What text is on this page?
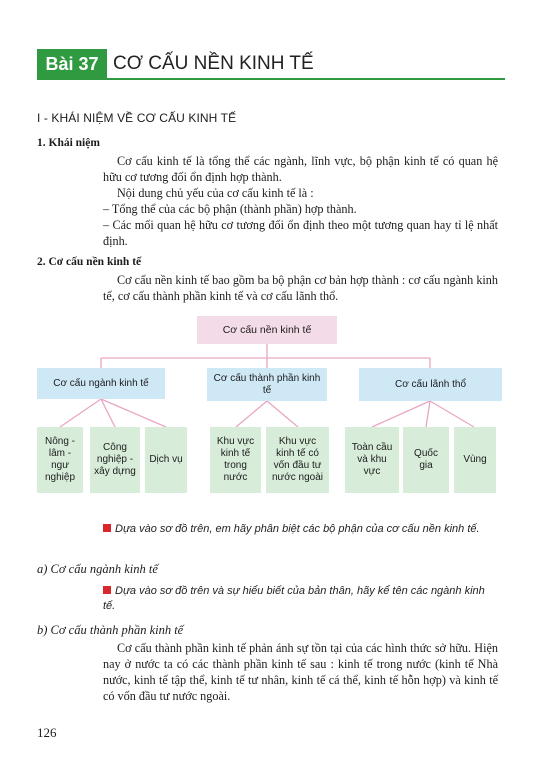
Bài 37 CƠ CẤU NỀN KINH TẾ
I - KHÁI NIỆM VỀ CƠ CẤU KINH TẾ
1. Khái niệm
Cơ cấu kinh tế là tổng thể các ngành, lĩnh vực, bộ phận kinh tế có quan hệ hữu cơ tương đối ổn định hợp thành.
Nội dung chủ yếu của cơ cấu kinh tế là :
– Tổng thể của các bộ phận (thành phần) hợp thành.
– Các mối quan hệ hữu cơ tương đối ổn định theo một tương quan hay tỉ lệ nhất định.
2. Cơ cấu nền kinh tế
Cơ cấu nền kinh tế bao gồm ba bộ phận cơ bản hợp thành : cơ cấu ngành kinh tế, cơ cấu thành phần kinh tế và cơ cấu lãnh thổ.
Cơ cấu nền kinh tế
Cơ cấu ngành kinh tế	Cơ cấu thành phần kinh tế
Cơ cấu lãnh thổ
Nông - lâm - ngư nghiệp
Công nghiệp - xây dựng
Dịch vụ
Khu vực kinh tế trong nước
Khu vực kinh tế có vốn đầu tư nước ngoài
Toàn cầu và khu vực
Quốc gia
Vùng
Dựa vào sơ đồ trên, em hãy phân biệt các bộ phận của cơ cấu nền kinh tế.
a) Cơ cấu ngành kinh tế
Dựa vào sơ đồ trên và sự hiểu biết của bản thân, hãy kể tên các ngành kinh tế.
b) Cơ cấu thành phần kinh tế
Cơ cấu thành phần kinh tế phản ánh sự tồn tại của các hình thức sở hữu. Hiện nay ở nước ta có các thành phần kinh tế sau : kinh tế trong nước (kinh tế Nhà nước, kinh tế tập thể, kinh tế tư nhân, kinh tế cá thể, kinh tế hỗn hợp) và kinh tế có vốn đầu tư nước ngoài.
126
